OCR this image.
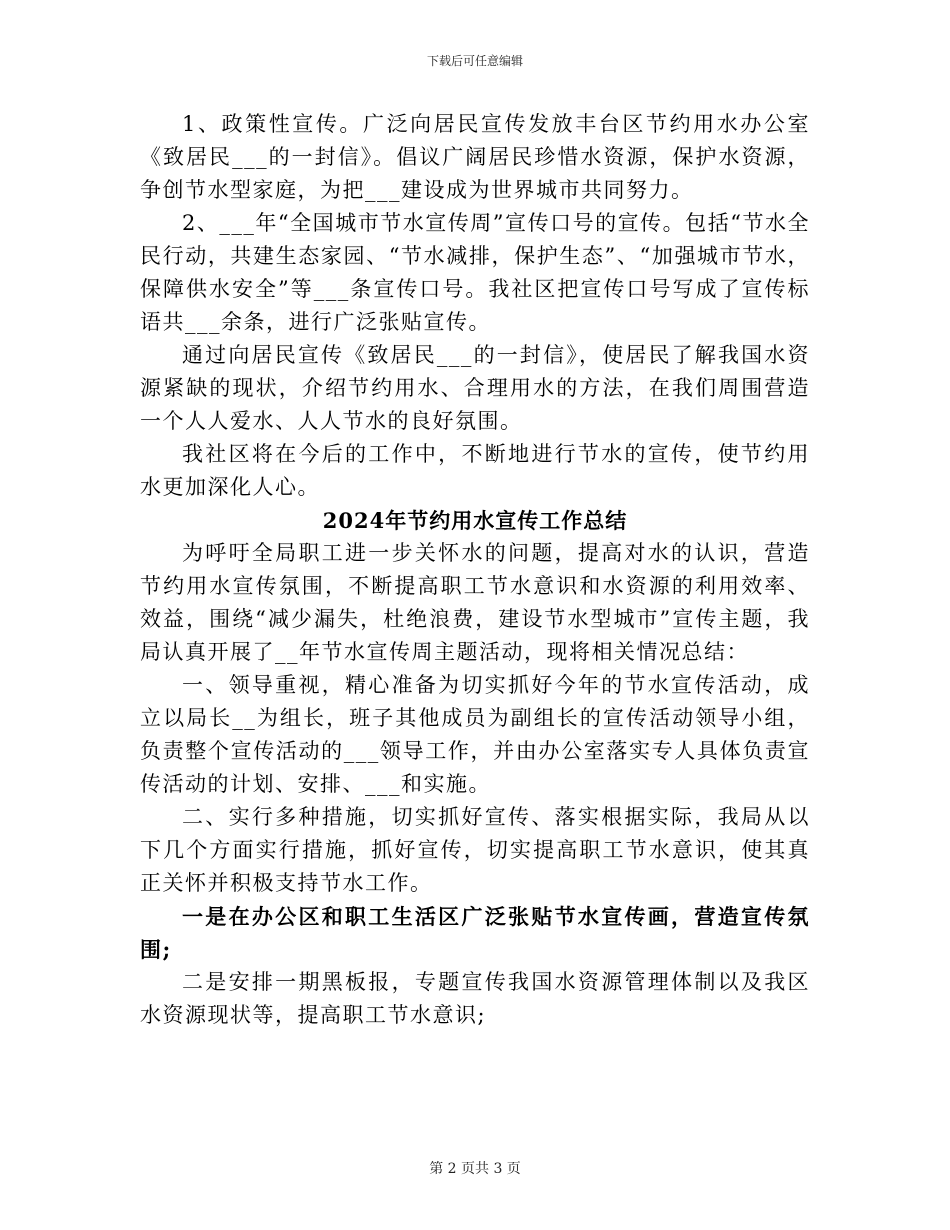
下载后可任意编辑

1、政策性宣传。广泛向居民宣传发放丰台区节约用水办公室《致居民___的一封信》。倡议广阔居民珍惜水资源，保护水资源，争创节水型家庭，为把___建设成为世界城市共同努力。

2、___年“全国城市节水宣传周”宣传口号的宣传。包括“节水全民行动，共建生态家园、“节水减排，保护生态”、“加强城市节水，保障供水安全”等___条宣传口号。我社区把宣传口号写成了宣传标语共___余条，进行广泛张贴宣传。

通过向居民宣传《致居民___的一封信》，使居民了解我国水资源紧缺的现状，介绍节约用水、合理用水的方法，在我们周围营造一个人人爱水、人人节水的良好氛围。

我社区将在今后的工作中，不断地进行节水的宣传，使节约用水更加深化人心。

2024年节约用水宣传工作总结

为呼吁全局职工进一步关怀水的问题，提高对水的认识，营造节约用水宣传氛围，不断提高职工节水意识和水资源的利用效率、效益，围绕“减少漏失，杜绝浪费，建设节水型城市”宣传主题，我局认真开展了__年节水宣传周主题活动，现将相关情况总结：

一、领导重视，精心准备为切实抓好今年的节水宣传活动，成立以局长__为组长，班子其他成员为副组长的宣传活动领导小组，负责整个宣传活动的___领导工作，并由办公室落实专人具体负责宣传活动的计划、安排、___和实施。

二、实行多种措施，切实抓好宣传、落实根据实际，我局从以下几个方面实行措施，抓好宣传，切实提高职工节水意识，使其真正关怀并积极支持节水工作。

一是在办公区和职工生活区广泛张贴节水宣传画，营造宣传氛围;

二是安排一期黑板报，专题宣传我国水资源管理体制以及我区水资源现状等，提高职工节水意识;

第 2 页共 3 页
